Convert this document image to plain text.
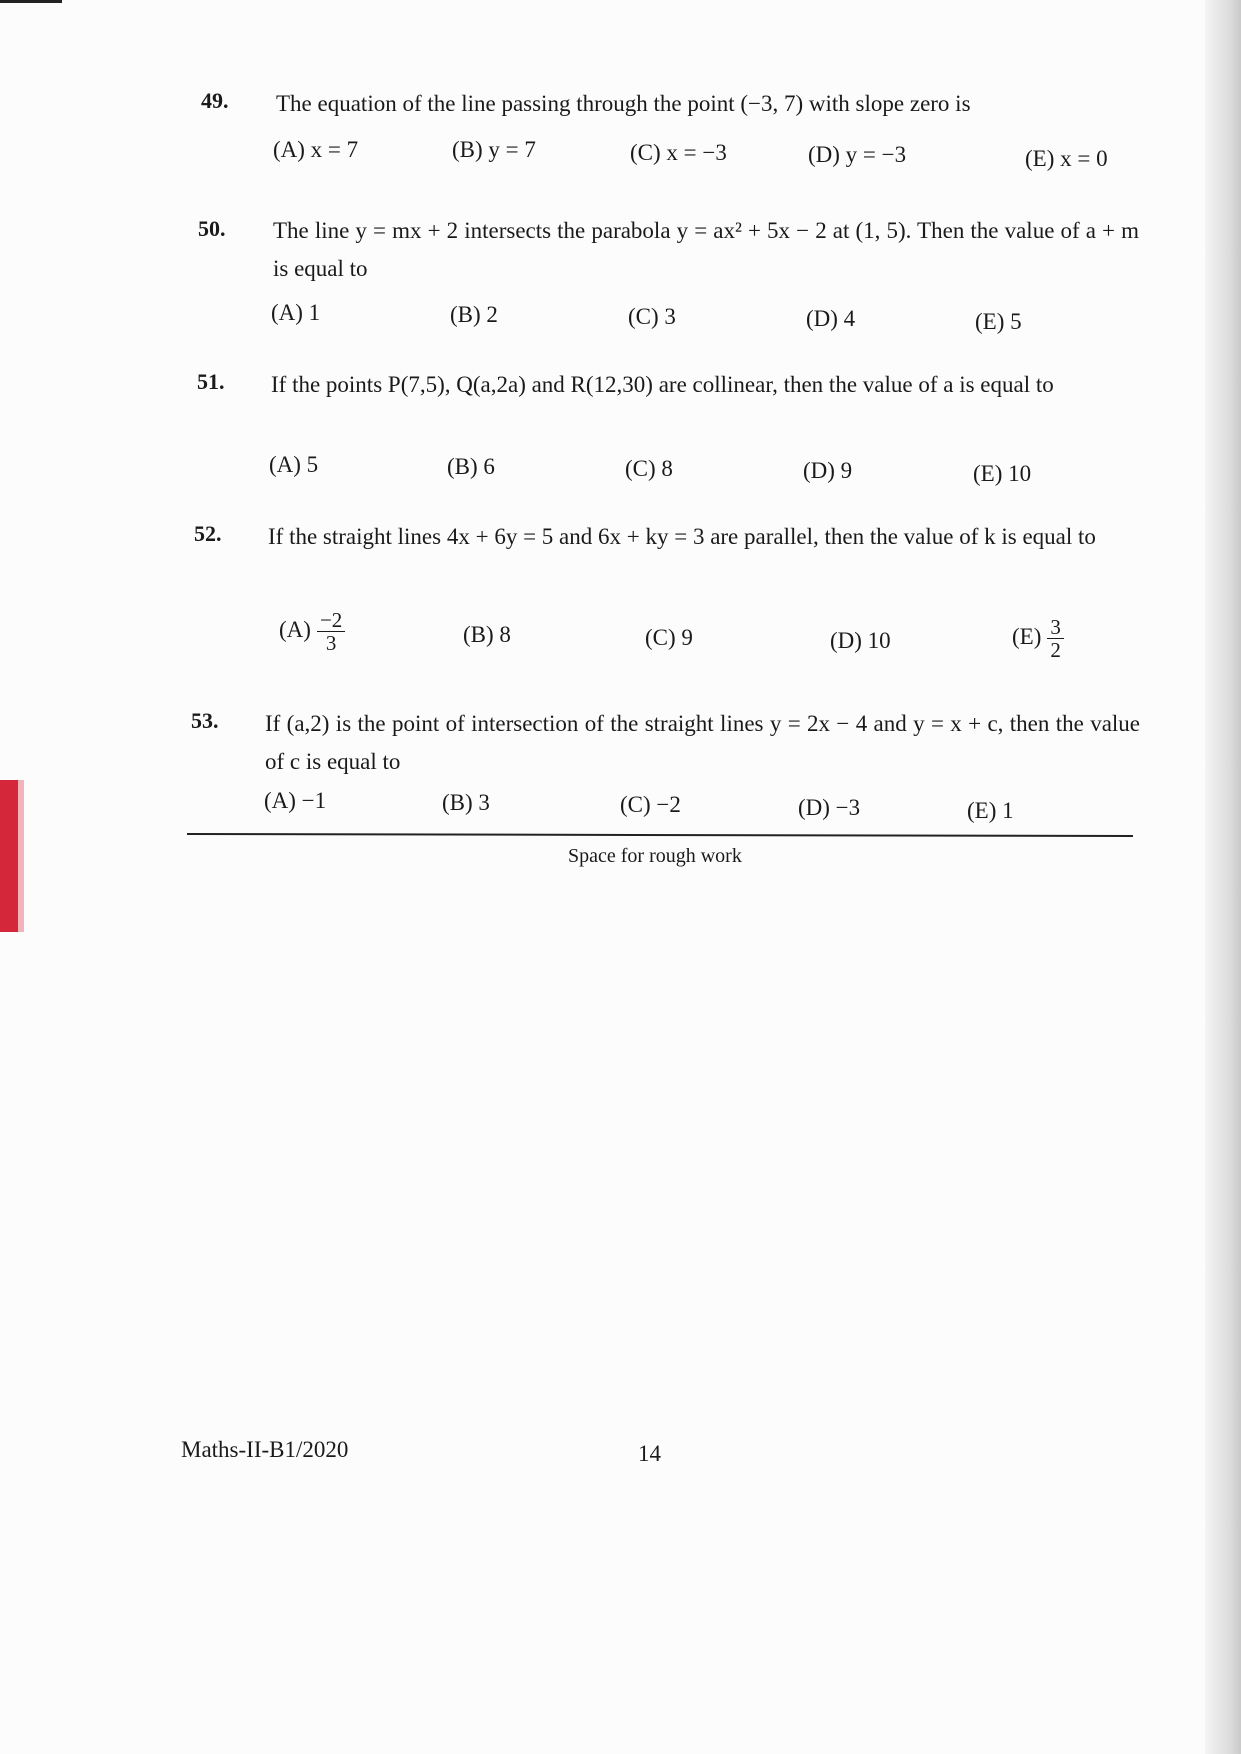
49. The equation of the line passing through the point (−3, 7) with slope zero is
(A) x = 7	(B) y = 7	(C) x = −3	(D) y = −3	(E) x = 0
50. The line y = mx + 2 intersects the parabola y = ax² + 5x − 2 at (1, 5). Then the value of a + m is equal to
(A) 1	(B) 2	(C) 3	(D) 4	(E) 5
51. If the points P(7,5), Q(a,2a) and R(12,30) are collinear, then the value of a is equal to
(A) 5	(B) 6	(C) 8	(D) 9	(E) 10
52. If the straight lines 4x + 6y = 5 and 6x + ky = 3 are parallel, then the value of k is equal to
$(A) \frac{-2}{3}$	(B) 8	(C) 9	(D) 10	$(E) \frac{3}{2}$
53. If (a,2) is the point of intersection of the straight lines y = 2x − 4 and y = x + c, then the value of c is equal to
(A) −1	(B) 3	(C) −2	(D) −3	(E) 1
Space for rough work
Maths-II-B1/2020	14
